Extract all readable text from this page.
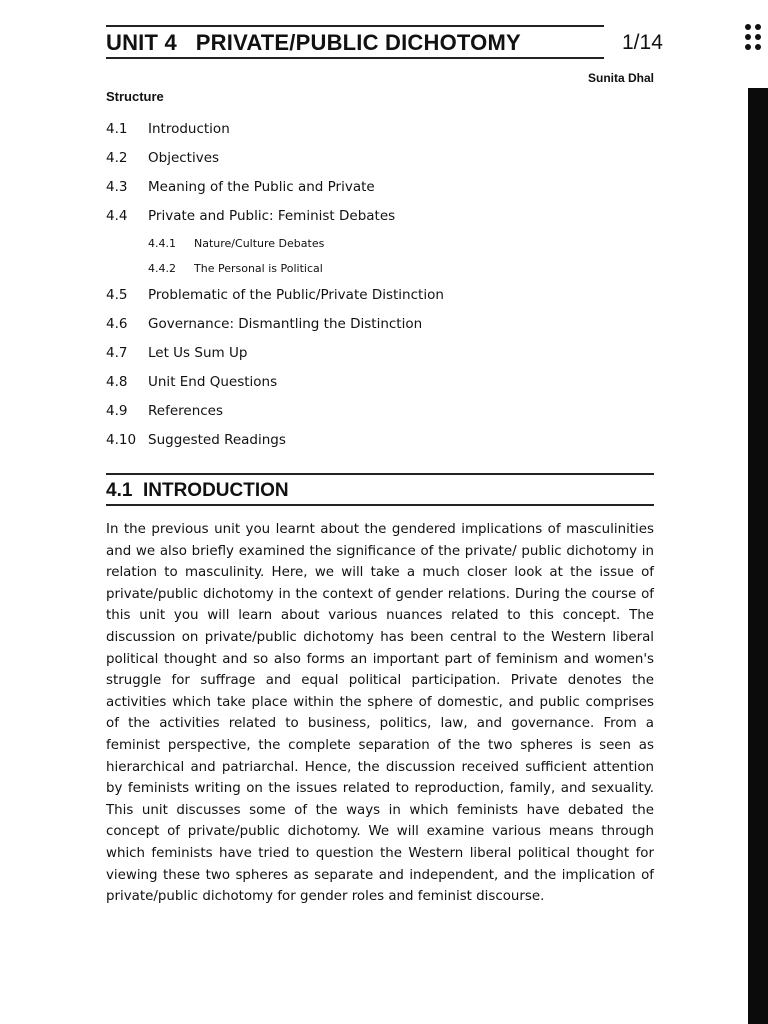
UNIT 4   PRIVATE/PUBLIC DICHOTOMY	1/14
Sunita Dhal
Structure
4.1 Introduction
4.2 Objectives
4.3 Meaning of the Public and Private
4.4 Private and Public: Feminist Debates
4.4.1 Nature/Culture Debates
4.4.2 The Personal is Political
4.5 Problematic of the Public/Private Distinction
4.6 Governance: Dismantling the Distinction
4.7 Let Us Sum Up
4.8 Unit End Questions
4.9 References
4.10 Suggested Readings
4.1  INTRODUCTION
In the previous unit you learnt about the gendered implications of masculinities and we also briefly examined the significance of the private/ public dichotomy in relation to masculinity. Here, we will take a much closer look at the issue of private/public dichotomy in the context of gender relations. During the course of this unit you will learn about various nuances related to this concept. The discussion on private/public dichotomy has been central to the Western liberal political thought and so also forms an important part of feminism and women's struggle for suffrage and equal political participation. Private denotes the activities which take place within the sphere of domestic, and public comprises of the activities related to business, politics, law, and governance. From a feminist perspective, the complete separation of the two spheres is seen as hierarchical and patriarchal. Hence, the discussion received sufficient attention by feminists writing on the issues related to reproduction, family, and sexuality. This unit discusses some of the ways in which feminists have debated the concept of private/public dichotomy. We will examine various means through which feminists have tried to question the Western liberal political thought for viewing these two spheres as separate and independent, and the implication of private/public dichotomy for gender roles and feminist discourse.
